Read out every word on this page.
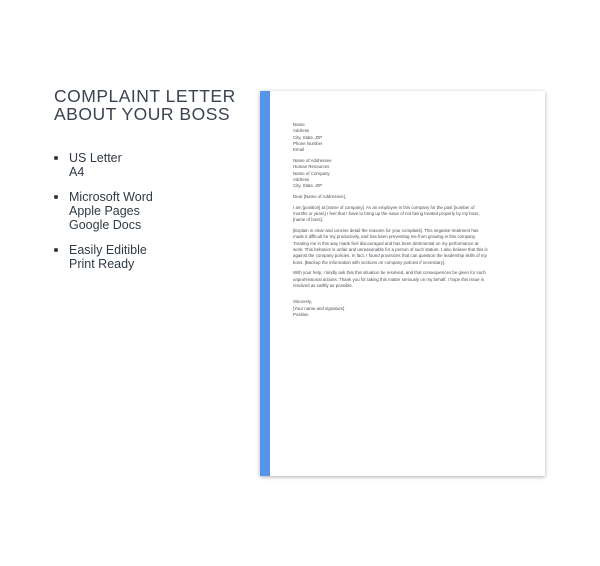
COMPLAINT LETTER
ABOUT YOUR BOSS
US Letter
A4
Microsoft Word
Apple Pages
Google Docs
Easily Editible
Print Ready
Name
Address
City, State, ZIP
Phone Number
Email
Name of Addressee
Human Resources
Name of Company
Address
City, State, ZIP
Dear [Name of Addressee],
I am [position] at [name of company]. As an employee in this company for the past [number of
months or years] I feel that I have to bring up the issue of not being treated properly by my boss,
[name of boss].
[Explain in clear and concise detail the reasons for your complaint]. This negative treatment has
made it difficult for my productivity, and has been preventing me from growing in this company.
Treating me in this way made feel discouraged and has been detrimental on my performance at
work. This behavior is unfair and unreasonable for a person of such stature. I also believe that this is
against the company policies. In fact, I found provisions that can question the leadership skills of my
boss. [Backup the information with sections on company policies if necessary].
With your help, I kindly ask that this situation be resolved, and that consequences be given for such
unprofessional actions. Thank you for taking this matter seriously on my behalf, I hope this issue is
resolved as swiftly as possible.
Sincerely,
[Your name and signature]
Position
